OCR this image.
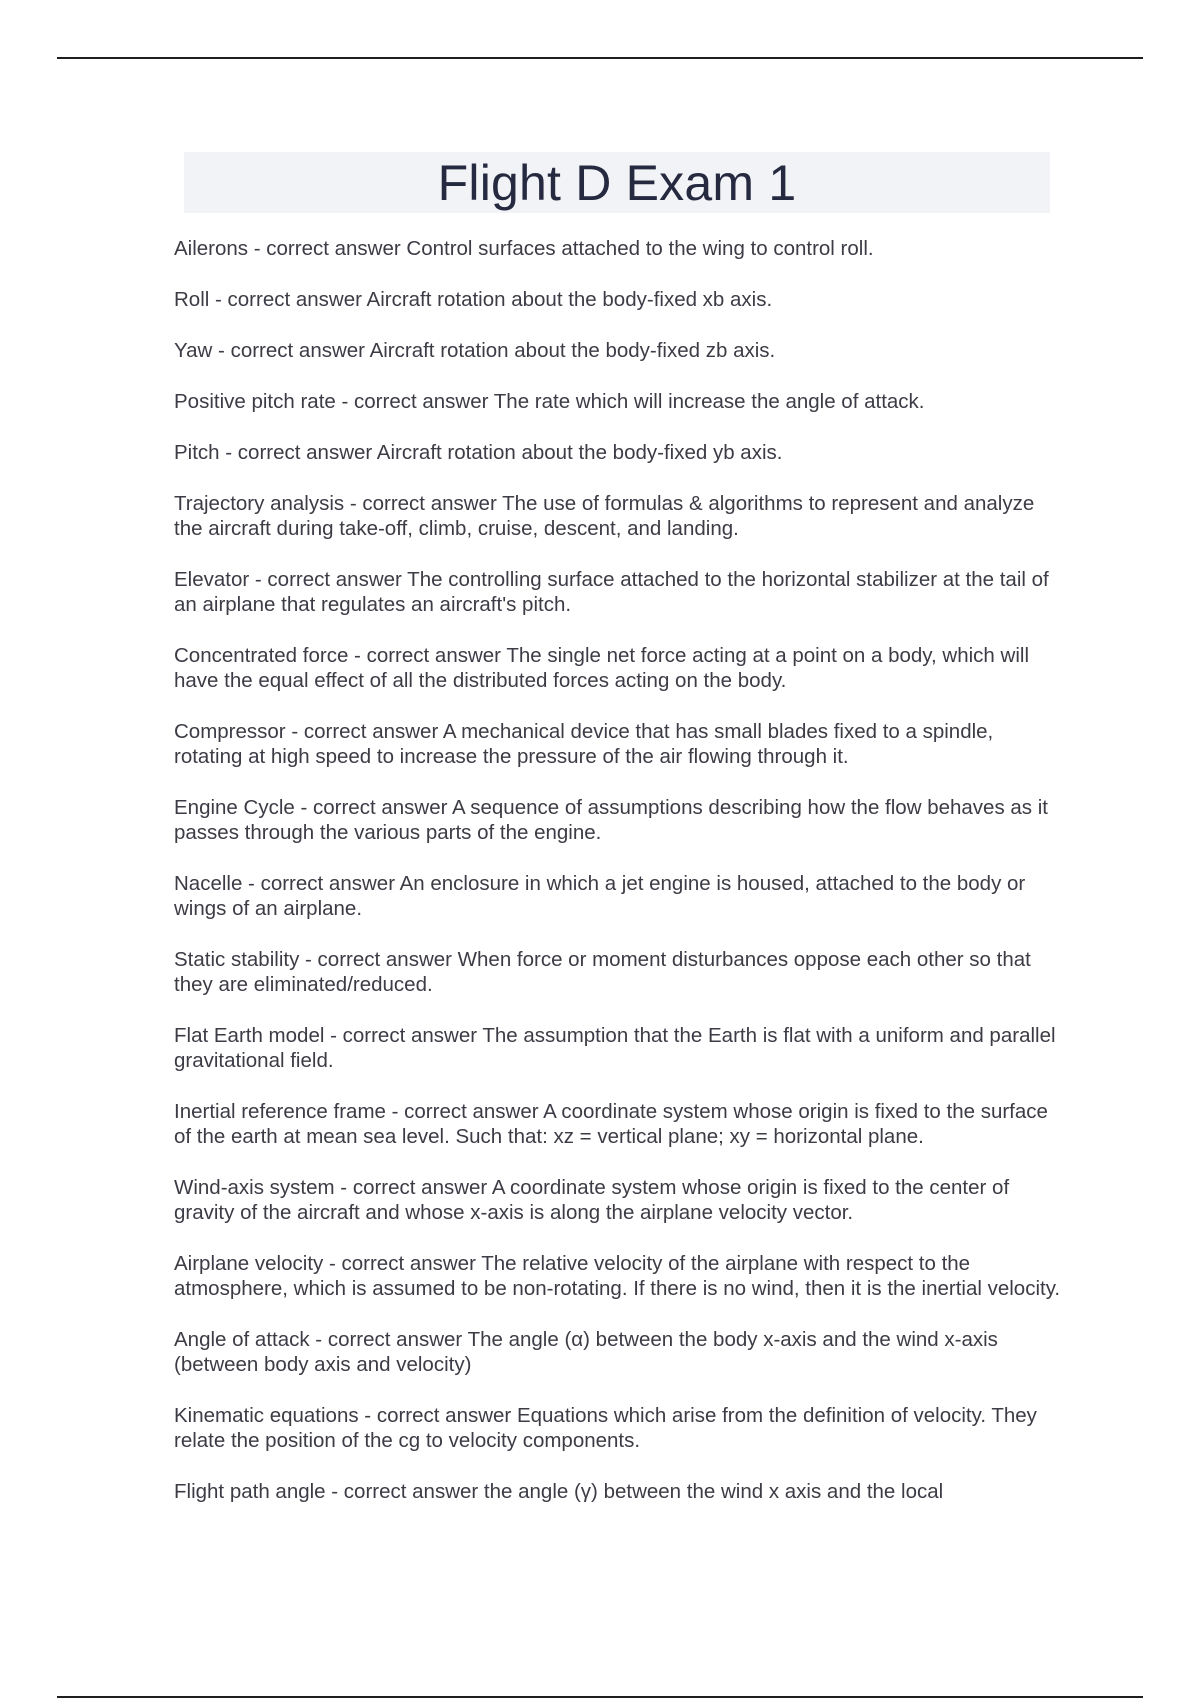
Flight D Exam 1
Ailerons - correct answer Control surfaces attached to the wing to control roll.
Roll - correct answer Aircraft rotation about the body-fixed xb axis.
Yaw - correct answer Aircraft rotation about the body-fixed zb axis.
Positive pitch rate - correct answer The rate which will increase the angle of attack.
Pitch - correct answer Aircraft rotation about the body-fixed yb axis.
Trajectory analysis - correct answer The use of formulas & algorithms to represent and analyze the aircraft during take-off, climb, cruise, descent, and landing.
Elevator - correct answer The controlling surface attached to the horizontal stabilizer at the tail of an airplane that regulates an aircraft's pitch.
Concentrated force - correct answer The single net force acting at a point on a body, which will have the equal effect of all the distributed forces acting on the body.
Compressor - correct answer A mechanical device that has small blades fixed to a spindle, rotating at high speed to increase the pressure of the air flowing through it.
Engine Cycle - correct answer A sequence of assumptions describing how the flow behaves as it passes through the various parts of the engine.
Nacelle - correct answer An enclosure in which a jet engine is housed, attached to the body or wings of an airplane.
Static stability - correct answer When force or moment disturbances oppose each other so that they are eliminated/reduced.
Flat Earth model - correct answer The assumption that the Earth is flat with a uniform and parallel gravitational field.
Inertial reference frame - correct answer A coordinate system whose origin is fixed to the surface of the earth at mean sea level. Such that: xz = vertical plane; xy = horizontal plane.
Wind-axis system - correct answer A coordinate system whose origin is fixed to the center of gravity of the aircraft and whose x-axis is along the airplane velocity vector.
Airplane velocity - correct answer The relative velocity of the airplane with respect to the atmosphere, which is assumed to be non-rotating. If there is no wind, then it is the inertial velocity.
Angle of attack - correct answer The angle (α) between the body x-axis and the wind x-axis (between body axis and velocity)
Kinematic equations - correct answer Equations which arise from the definition of velocity. They relate the position of the cg to velocity components.
Flight path angle - correct answer the angle (γ) between the wind x axis and the local
